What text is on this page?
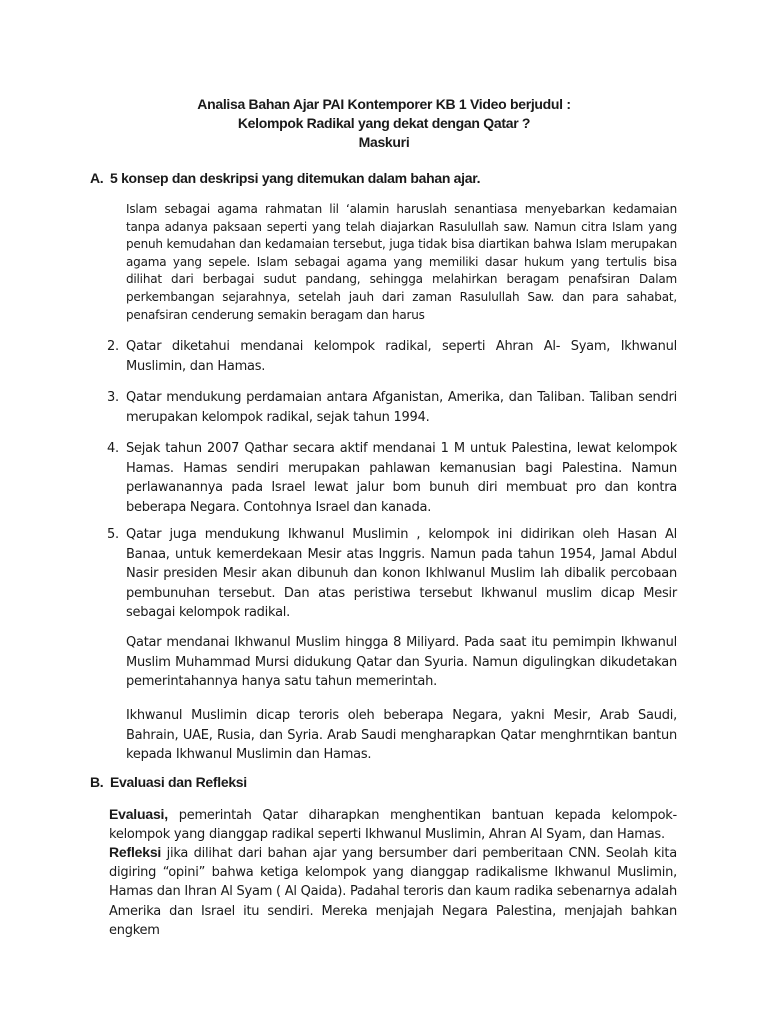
Analisa Bahan Ajar PAI Kontemporer KB 1 Video berjudul :
Kelompok Radikal yang dekat dengan Qatar ?
Maskuri
A. 5 konsep dan deskripsi yang ditemukan dalam bahan ajar.
Islam sebagai agama rahmatan lil ‘alamin haruslah senantiasa menyebarkan kedamaian tanpa adanya paksaan seperti yang telah diajarkan Rasulullah saw. Namun citra Islam yang penuh kemudahan dan kedamaian tersebut, juga tidak bisa diartikan bahwa Islam merupakan agama yang sepele. Islam sebagai agama yang memiliki dasar hukum yang tertulis bisa dilihat dari berbagai sudut pandang, sehingga melahirkan beragam penafsiran Dalam perkembangan sejarahnya, setelah jauh dari zaman Rasulullah Saw. dan para sahabat, penafsiran cenderung semakin beragam dan harus
2. Qatar diketahui mendanai kelompok radikal, seperti Ahran Al- Syam, Ikhwanul Muslimin, dan Hamas.
3. Qatar mendukung perdamaian antara Afganistan, Amerika, dan Taliban. Taliban sendri merupakan kelompok radikal, sejak tahun 1994.
4. Sejak tahun 2007 Qathar secara aktif mendanai 1 M untuk Palestina, lewat kelompok Hamas. Hamas sendiri merupakan pahlawan kemanusian bagi Palestina. Namun perlawanannya pada Israel lewat jalur bom bunuh diri membuat pro dan kontra beberapa Negara. Contohnya Israel dan kanada.
5. Qatar juga mendukung Ikhwanul Muslimin , kelompok ini didirikan oleh Hasan Al Banaa, untuk kemerdekaan Mesir atas Inggris. Namun pada tahun 1954, Jamal Abdul Nasir presiden Mesir akan dibunuh dan konon Ikhlwanul Muslim lah dibalik percobaan pembunuhan tersebut. Dan atas peristiwa tersebut Ikhwanul muslim dicap Mesir sebagai kelompok radikal.
Qatar mendanai Ikhwanul Muslim hingga 8 Miliyard. Pada saat itu pemimpin Ikhwanul Muslim Muhammad Mursi didukung Qatar dan Syuria. Namun digulingkan dikudetakan pemerintahannya hanya satu tahun memerintah.
Ikhwanul Muslimin dicap teroris oleh beberapa Negara, yakni Mesir, Arab Saudi, Bahrain, UAE, Rusia, dan Syria. Arab Saudi mengharapkan Qatar menghrntikan bantun kepada Ikhwanul Muslimin dan Hamas.
B. Evaluasi dan Refleksi
Evaluasi, pemerintah Qatar diharapkan menghentikan bantuan kepada kelompok-kelompok yang dianggap radikal seperti Ikhwanul Muslimin, Ahran Al Syam, dan Hamas.
Refleksi jika dilihat dari bahan ajar yang bersumber dari pemberitaan CNN. Seolah kita digiring “opini” bahwa ketiga kelompok yang dianggap radikalisme Ikhwanul Muslimin, Hamas dan Ihran Al Syam ( Al Qaida). Padahal teroris dan kaum radika sebenarnya adalah Amerika dan Israel itu sendiri. Mereka menjajah Negara Palestina, menjajah bahkan engkem
